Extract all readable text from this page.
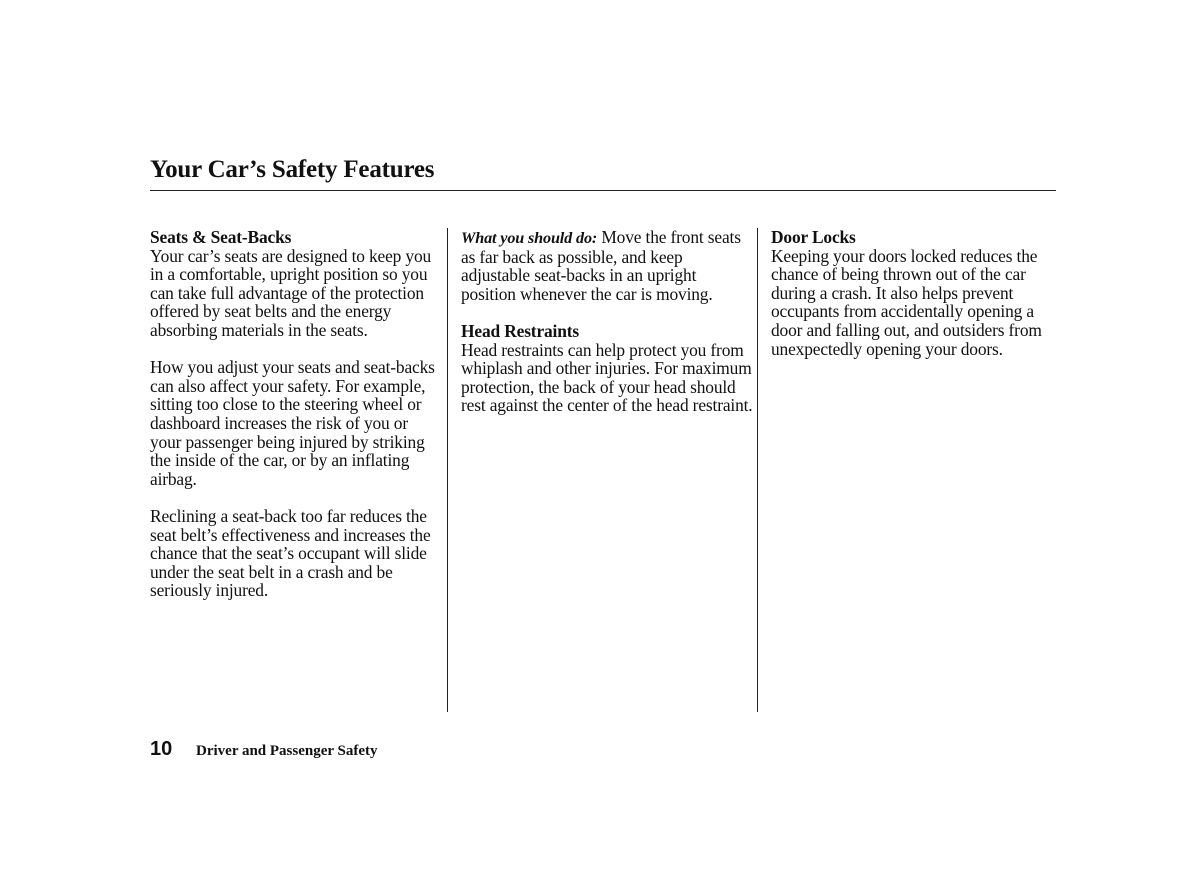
Your Car’s Safety Features
Seats & Seat-Backs

Your car’s seats are designed to keep you in a comfortable, upright position so you can take full advantage of the protection offered by seat belts and the energy absorbing materials in the seats.

How you adjust your seats and seat-backs can also affect your safety. For example, sitting too close to the steering wheel or dashboard increases the risk of you or your passenger being injured by striking the inside of the car, or by an inflating airbag.

Reclining a seat-back too far reduces the seat belt’s effectiveness and increases the chance that the seat’s occupant will slide under the seat belt in a crash and be seriously injured.

What you should do: Move the front seats as far back as possible, and keep adjustable seat-backs in an upright position whenever the car is moving.

Head Restraints

Head restraints can help protect you from whiplash and other injuries. For maximum protection, the back of your head should rest against the center of the head restraint.

Door Locks

Keeping your doors locked reduces the chance of being thrown out of the car during a crash. It also helps prevent occupants from accidentally opening a door and falling out, and outsiders from unexpectedly opening your doors.

10 Driver and Passenger Safety
